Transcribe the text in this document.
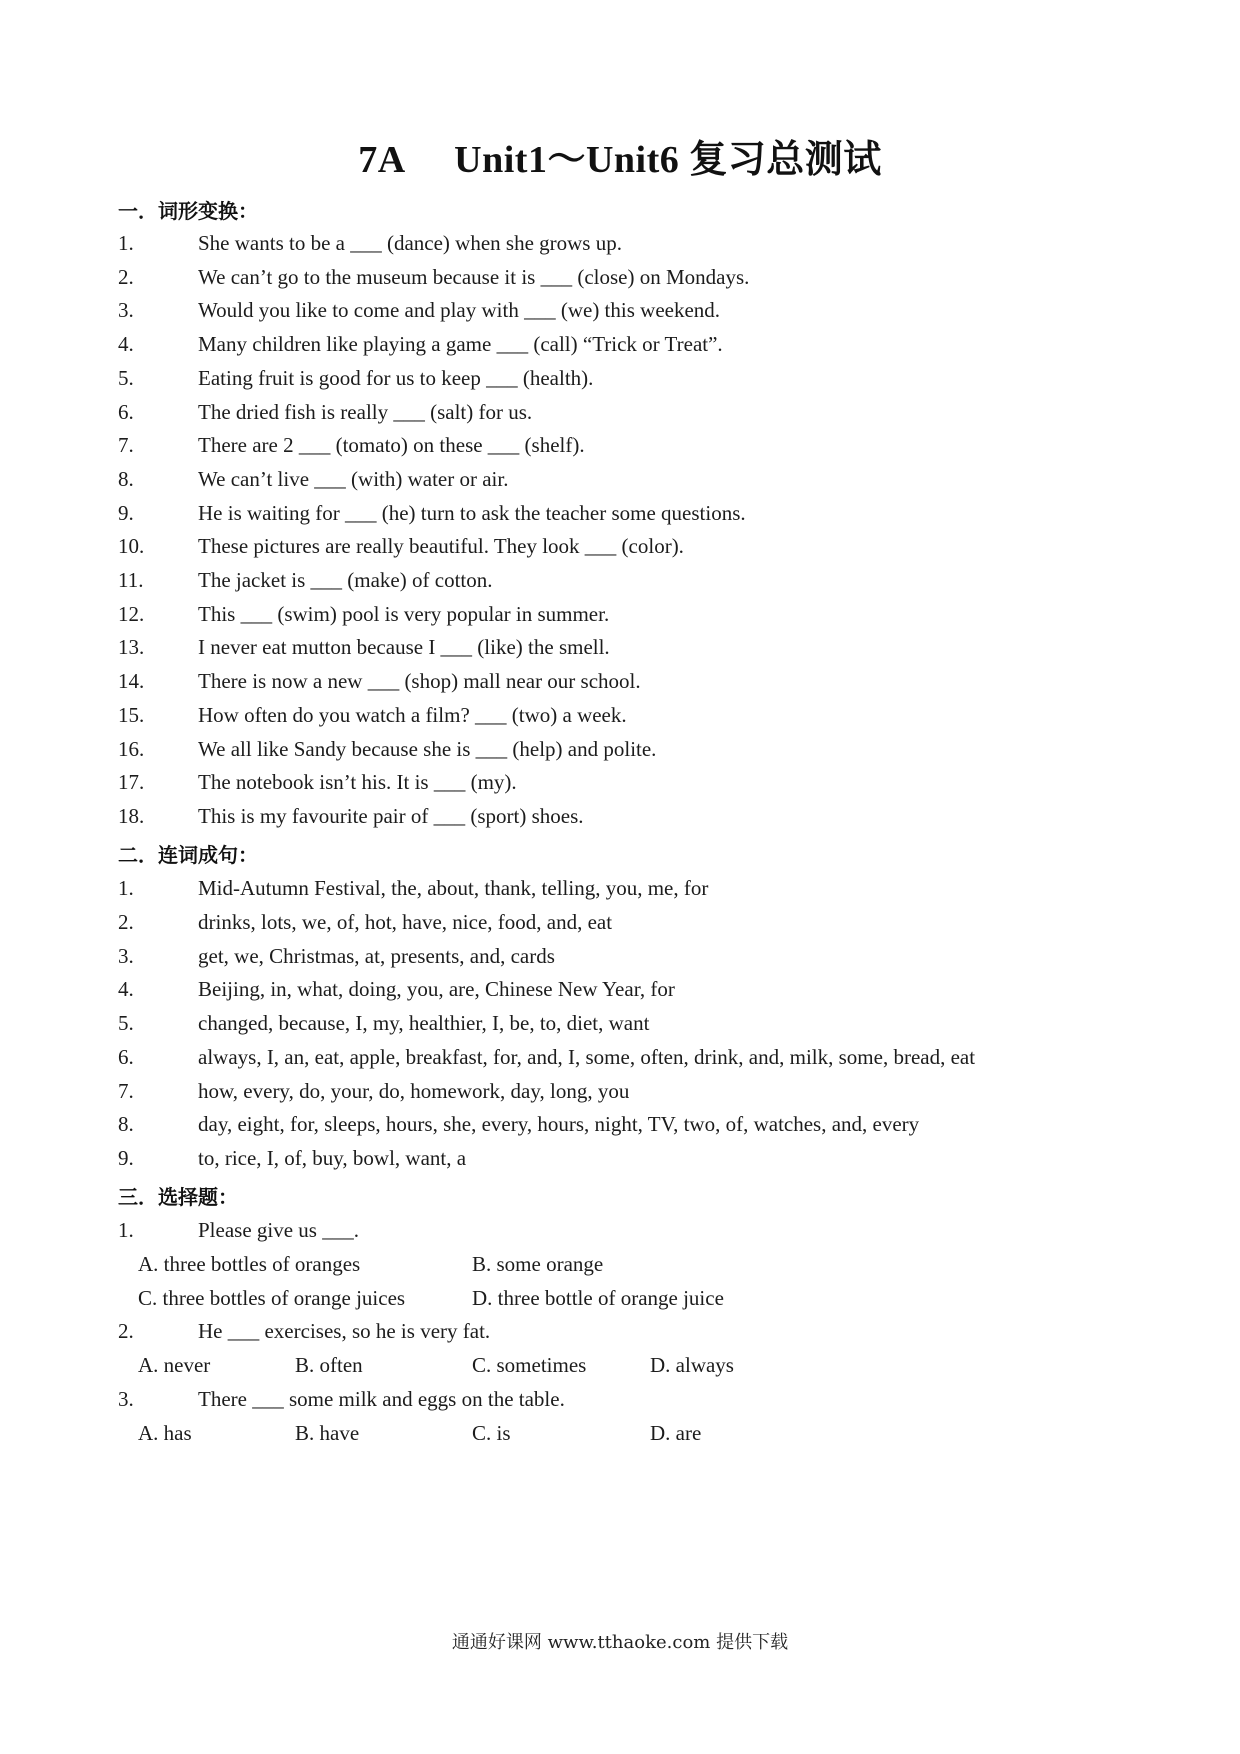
7A  Unit1～Unit6 复习总测试
一．词形变换：
1.	She wants to be a ___ (dance) when she grows up.
2.	We can’t go to the museum because it is ___ (close) on Mondays.
3.	Would you like to come and play with ___ (we) this weekend.
4.	Many children like playing a game ___ (call) “Trick or Treat”.
5.	Eating fruit is good for us to keep ___ (health).
6.	The dried fish is really ___ (salt) for us.
7.	There are 2 ___ (tomato) on these ___ (shelf).
8.	We can’t live ___ (with) water or air.
9.	He is waiting for ___ (he) turn to ask the teacher some questions.
10.	These pictures are really beautiful. They look ___ (color).
11.	The jacket is ___ (make) of cotton.
12.	This ___ (swim) pool is very popular in summer.
13.	I never eat mutton because I ___ (like) the smell.
14.	There is now a new ___ (shop) mall near our school.
15.	How often do you watch a film? ___ (two) a week.
16.	We all like Sandy because she is ___ (help) and polite.
17.	The notebook isn’t his. It is ___ (my).
18.	This is my favourite pair of ___ (sport) shoes.
二．连词成句：
1.	Mid-Autumn Festival, the, about, thank, telling, you, me, for
2.	drinks, lots, we, of, hot, have, nice, food, and, eat
3.	get, we, Christmas, at, presents, and, cards
4.	Beijing, in, what, doing, you, are, Chinese New Year, for
5.	changed, because, I, my, healthier, I, be, to, diet, want
6.	always, I, an, eat, apple, breakfast, for, and, I, some, often, drink, and, milk, some, bread, eat
7.	how, every, do, your, do, homework, day, long, you
8.	day, eight, for, sleeps, hours, she, every, hours, night, TV, two, of, watches, and, every
9.	to, rice, I, of, buy, bowl, want, a
三．选择题：
1.	Please give us ___.
A. three bottles of oranges	B. some orange
C. three bottles of orange juices	D. three bottle of orange juice
2.	He ___ exercises, so he is very fat.
A. never	B. often	C. sometimes	D. always
3.	There ___ some milk and eggs on the table.
A. has	B. have	C. is	D. are
通通好课网 www.tthaoke.com 提供下载
